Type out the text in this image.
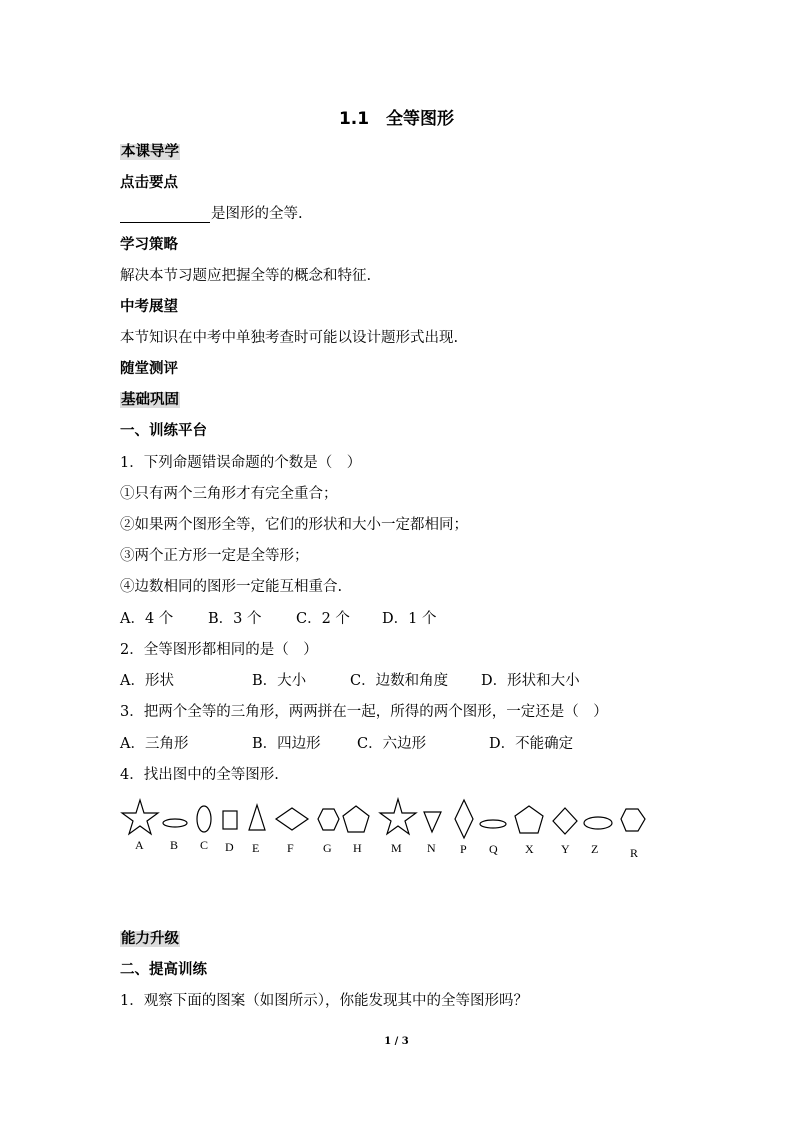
1.1　全等图形
本课导学
点击要点
是图形的全等.
学习策略
解决本节习题应把握全等的概念和特征.
中考展望
本节知识在中考中单独考查时可能以设计题形式出现.
随堂测评
基础巩固
一、训练平台
1．下列命题错误命题的个数是（　）
①只有两个三角形才有完全重合；
②如果两个图形全等，它们的形状和大小一定都相同；
③两个正方形一定是全等形；
④边数相同的图形一定能互相重合.
A．4 个 B．3 个 C．2 个 D．1 个
2．全等图形都相同的是（　）
A．形状	B．大小	C．边数和角度 D．形状和大小
3．把两个全等的三角形，两两拼在一起，所得的两个图形，一定还是（　）
A．三角形	B．四边形	C．六边形	D．不能确定
4．找出图中的全等图形.
A B C D E F G H M N P Q X Y Z	R
能力升级
二、提高训练
1．观察下面的图案（如图所示），你能发现其中的全等图形吗？
1 / 3
